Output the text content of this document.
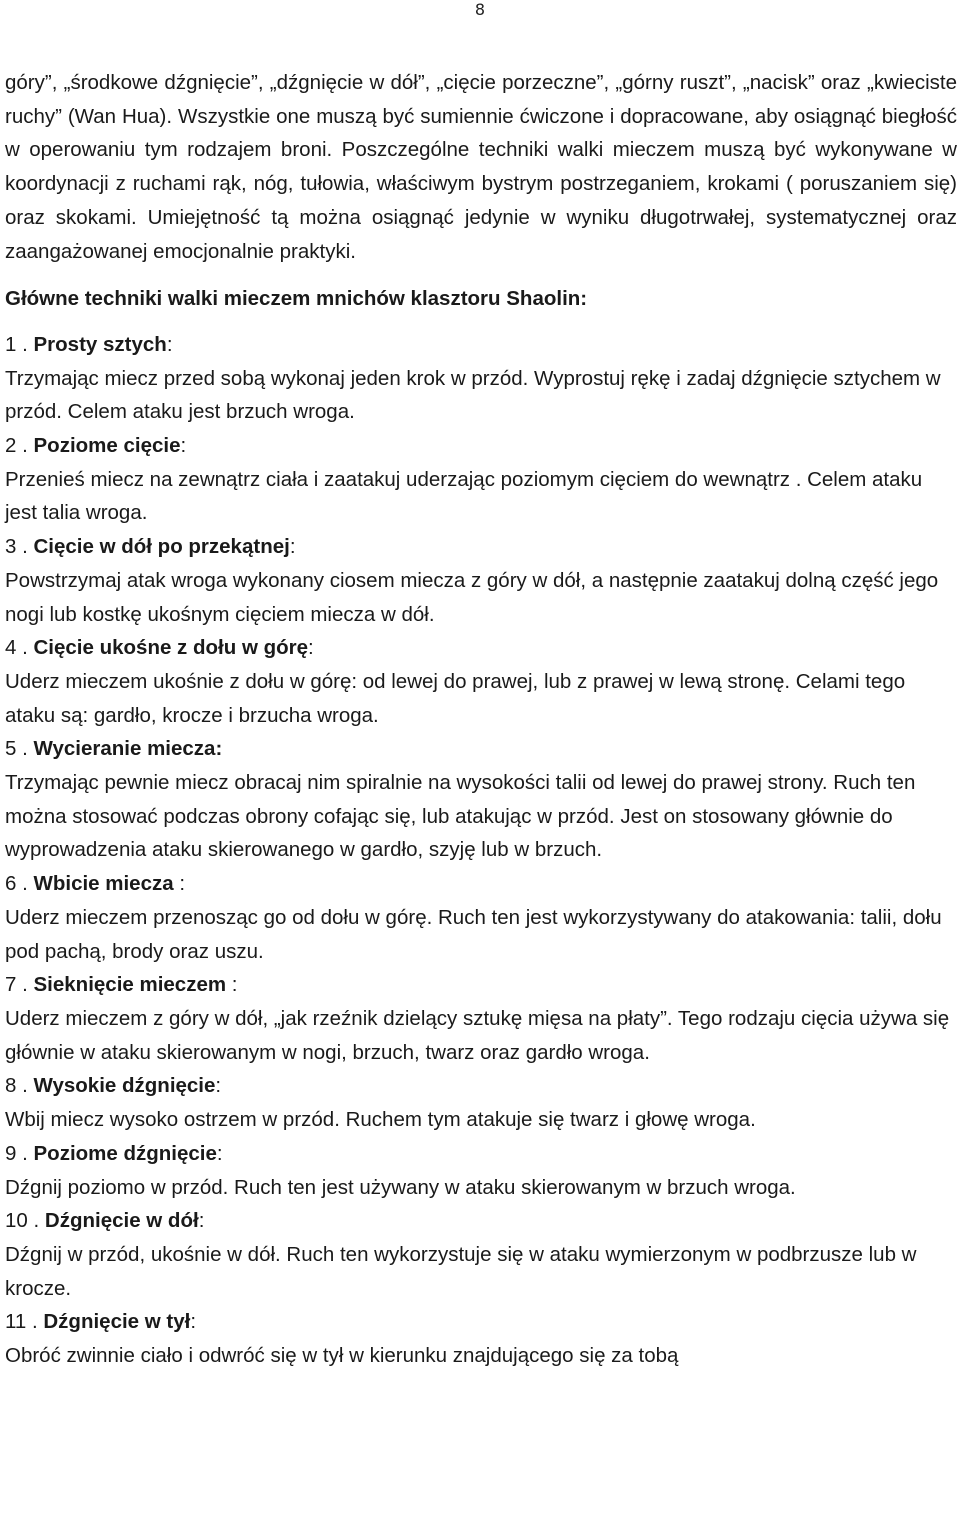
8

góry”, „środkowe dźgnięcie”, „dźgnięcie w dół”, „cięcie porzeczne”, „górny ruszt”, „nacisk” oraz „kwieciste ruchy” (Wan Hua). Wszystkie one muszą być sumiennie ćwiczone i dopracowane, aby osiągnąć biegłość w operowaniu tym rodzajem broni. Poszczególne techniki walki mieczem muszą być wykonywane w koordynacji z ruchami rąk, nóg, tułowia, właściwym bystrym postrzeganiem, krokami ( poruszaniem się) oraz skokami. Umiejętność tą można osiągnąć jedynie w wyniku długotrwałej, systematycznej oraz zaangażowanej emocjonalnie praktyki.

Główne techniki walki mieczem mnichów klasztoru Shaolin:

1 . Prosty sztych:

Trzymając miecz przed sobą wykonaj jeden krok w przód. Wyprostuj rękę i zadaj dźgnięcie sztychem w przód. Celem ataku jest brzuch wroga.

2 . Poziome cięcie:

Przenieś miecz na zewnątrz ciała i zaatakuj uderzając poziomym cięciem do wewnątrz . Celem ataku jest talia wroga.

3 . Cięcie w dół po przekątnej:

Powstrzymaj atak wroga wykonany ciosem miecza z góry w dół, a następnie zaatakuj dolną część jego nogi lub kostkę ukośnym cięciem miecza w dół.

4 . Cięcie ukośne z dołu w górę:

Uderz mieczem ukośnie z dołu w górę: od lewej do prawej, lub z prawej w lewą stronę. Celami tego ataku są: gardło, krocze i brzucha wroga.

5 . Wycieranie miecza:

Trzymając pewnie miecz obracaj nim spiralnie na wysokości talii od lewej do prawej strony. Ruch ten można stosować podczas obrony cofając się, lub atakując w przód. Jest on stosowany głównie do wyprowadzenia ataku skierowanego w gardło, szyję lub w brzuch.

6 . Wbicie miecza :

Uderz mieczem przenosząc go od dołu w górę. Ruch ten jest wykorzystywany do atakowania: talii, dołu pod pachą, brody oraz uszu.

7 . Sieknięcie mieczem :

Uderz mieczem z góry w dół, „jak rzeźnik dzielący sztukę mięsa na płaty”. Tego rodzaju cięcia używa się głównie w ataku skierowanym w nogi, brzuch, twarz oraz gardło wroga.

8 . Wysokie dźgnięcie:

Wbij miecz wysoko ostrzem w przód. Ruchem tym atakuje się twarz i głowę wroga.

9 . Poziome dźgnięcie:

Dźgnij poziomo w przód. Ruch ten jest używany w ataku skierowanym w brzuch wroga.

10 . Dźgnięcie w dół:

Dźgnij w przód, ukośnie w dół. Ruch ten wykorzystuje się w ataku wymierzonym w podbrzusze lub w krocze.

11 . Dźgnięcie w tył:

Obróć zwinnie ciało i odwróć się w tył w kierunku znajdującego się za tobą
